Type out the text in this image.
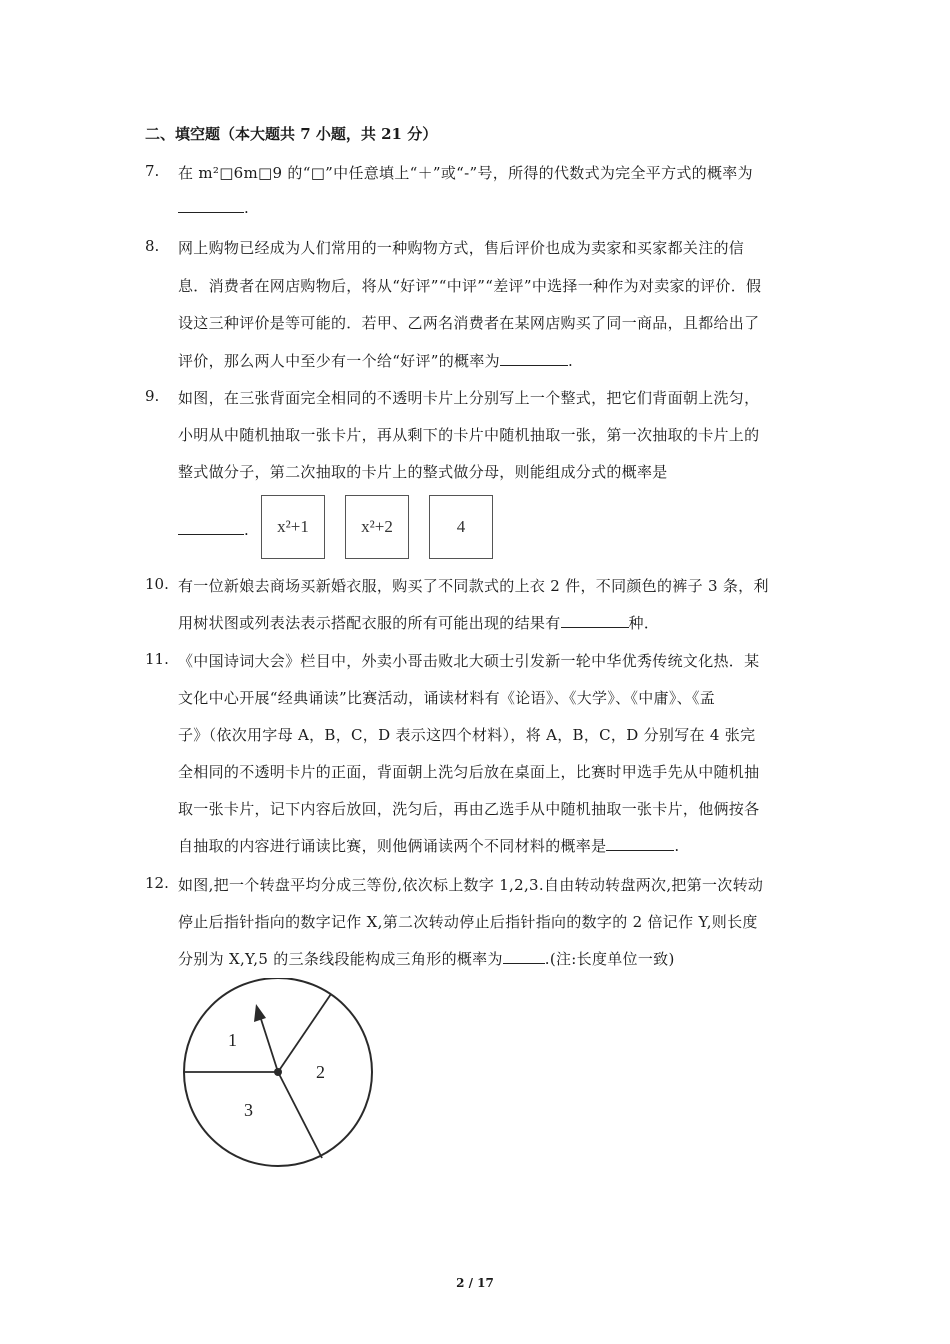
二、填空题（本大题共 7 小题，共 21 分）
7. 在 m²□6m□9 的“□”中任意填上“＋”或“-”号，所得的代数式为完全平方式的概率为
.
8. 网上购物已经成为人们常用的一种购物方式，售后评价也成为卖家和买家都关注的信
息．消费者在网店购物后，将从“好评”“中评”“差评”中选择一种作为对卖家的评价．假
设这三种评价是等可能的．若甲、乙两名消费者在某网店购买了同一商品，且都给出了
评价，那么两人中至少有一个给“好评”的概率为	.
9. 如图，在三张背面完全相同的不透明卡片上分别写上一个整式，把它们背面朝上洗匀，
小明从中随机抽取一张卡片，再从剩下的卡片中随机抽取一张，第一次抽取的卡片上的
整式做分子，第二次抽取的卡片上的整式做分母，则能组成分式的概率是
.	x²+1	x²+2	4
10. 有一位新娘去商场买新婚衣服，购买了不同款式的上衣 2 件，不同颜色的裤子 3 条，利
用树状图或列表法表示搭配衣服的所有可能出现的结果有	种．
11. 《中国诗词大会》栏目中，外卖小哥击败北大硕士引发新一轮中华优秀传统文化热．某
文化中心开展“经典诵读”比赛活动，诵读材料有《论语》、《大学》、《中庸》、《孟
子》（依次用字母 A，B，C，D 表示这四个材料），将 A，B，C，D 分别写在 4 张完
全相同的不透明卡片的正面，背面朝上洗匀后放在桌面上，比赛时甲选手先从中随机抽
取一张卡片，记下内容后放回，洗匀后，再由乙选手从中随机抽取一张卡片，他俩按各
自抽取的内容进行诵读比赛，则他俩诵读两个不同材料的概率是	.
12. 如图,把一个转盘平均分成三等份,依次标上数字 1,2,3.自由转动转盘两次,把第一次转动
停止后指针指向的数字记作 X,第二次转动停止后指针指向的数字的 2 倍记作 Y,则长度
分别为 X,Y,5 的三条线段能构成三角形的概率为	.(注:长度单位一致)
1
2
3
2 / 17
